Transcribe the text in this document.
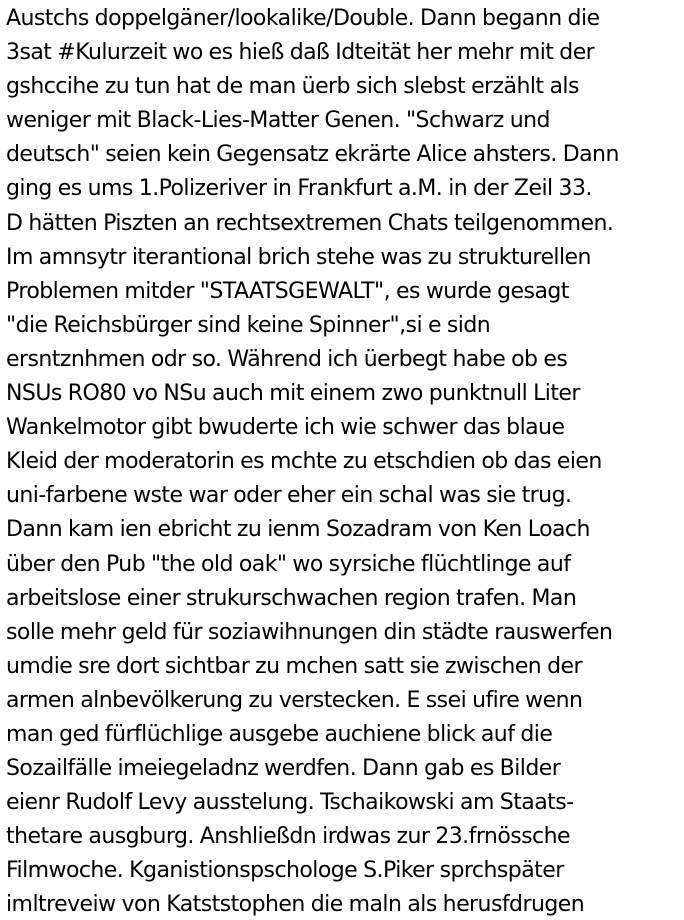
Austchs doppelgäner/lookalike/Double. Dann begann die
3sat #Kulurzeit wo es hieß daß Idteität her mehr mit der
gshccihe zu tun hat de man üerb sich slebst erzählt als
weniger mit Black-Lies-Matter Genen. "Schwarz und
deutsch" seien kein Gegensatz ekrärte Alice ahsters. Dann
ging es ums 1.Polizeriver in Frankfurt a.M. in der Zeil 33.
D hätten Piszten an rechtsextremen Chats teilgenommen.
Im amnsytr iterantional brich stehe was zu strukturellen
Problemen mitder "STAATSGEWALT", es wurde gesagt
"die Reichsbürger sind keine Spinner",si e sidn
ersntznhmen odr so. Während ich üerbegt habe ob es
NSUs RO80 vo NSu auch mit einem zwo punktnull Liter
Wankelmotor gibt bwuderte ich wie schwer das blaue
Kleid der moderatorin es mchte zu etschdien ob das eien
uni-farbene wste war oder eher ein schal was sie trug.
Dann kam ien ebricht zu ienm Sozadram von Ken Loach
über den Pub "the old oak" wo syrsiche flüchtlinge auf
arbeitslose einer strukurschwachen region trafen. Man
solle mehr geld für soziawihnungen din städte rauswerfen
umdie sre dort sichtbar zu mchen satt sie zwischen der
armen alnbevölkerung zu verstecken. E ssei ufire wenn
man ged fürflüchlige ausgebe auchiene blick auf die
Sozailfälle imeiegeladnz werdfen. Dann gab es Bilder
eienr Rudolf Levy ausstelung. Tschaikowski am Staats-
thetare ausgburg. Anshließdn irdwas zur 23.frnössche
Filmwoche. Kganistionspschologe S.Piker sprchspäter
imltreveiw von Katststophen die maln als herusfdrugen
